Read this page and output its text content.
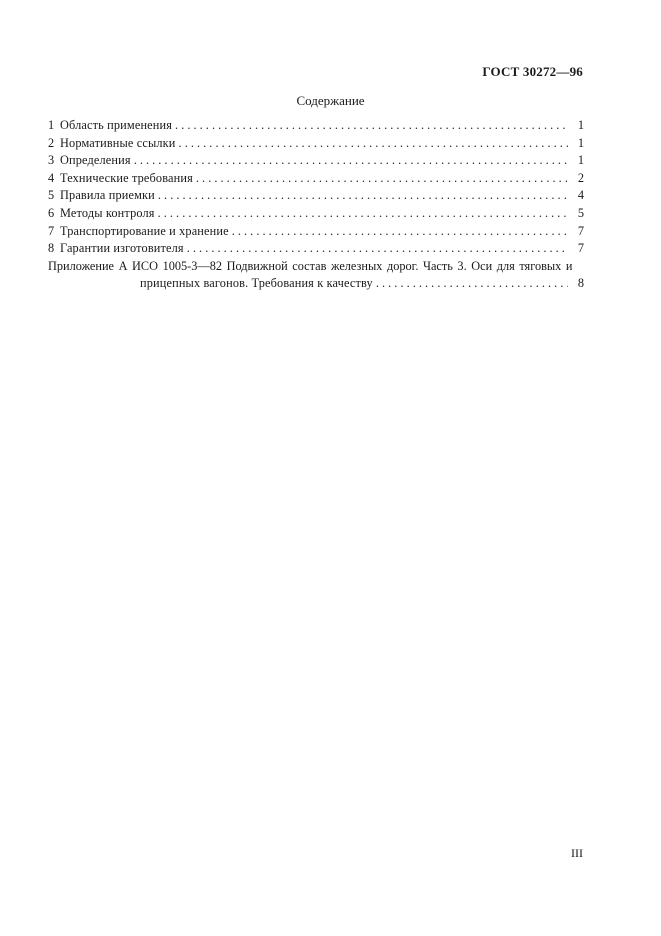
ГОСТ 30272—96
Содержание
1 Область применения . . .	1
2 Нормативные ссылки . . .	1
3 Определения . . .	1
4 Технические требования . . .	2
5 Правила приемки . . .	4
6 Методы контроля . . .	5
7 Транспортирование и хранение . . .	7
8 Гарантии изготовителя . . .	7
Приложение А ИСО 1005-3—82 Подвижной состав железных дорог. Часть 3. Оси для тяговых и
прицепных вагонов. Требования к качеству . . .	8
III
